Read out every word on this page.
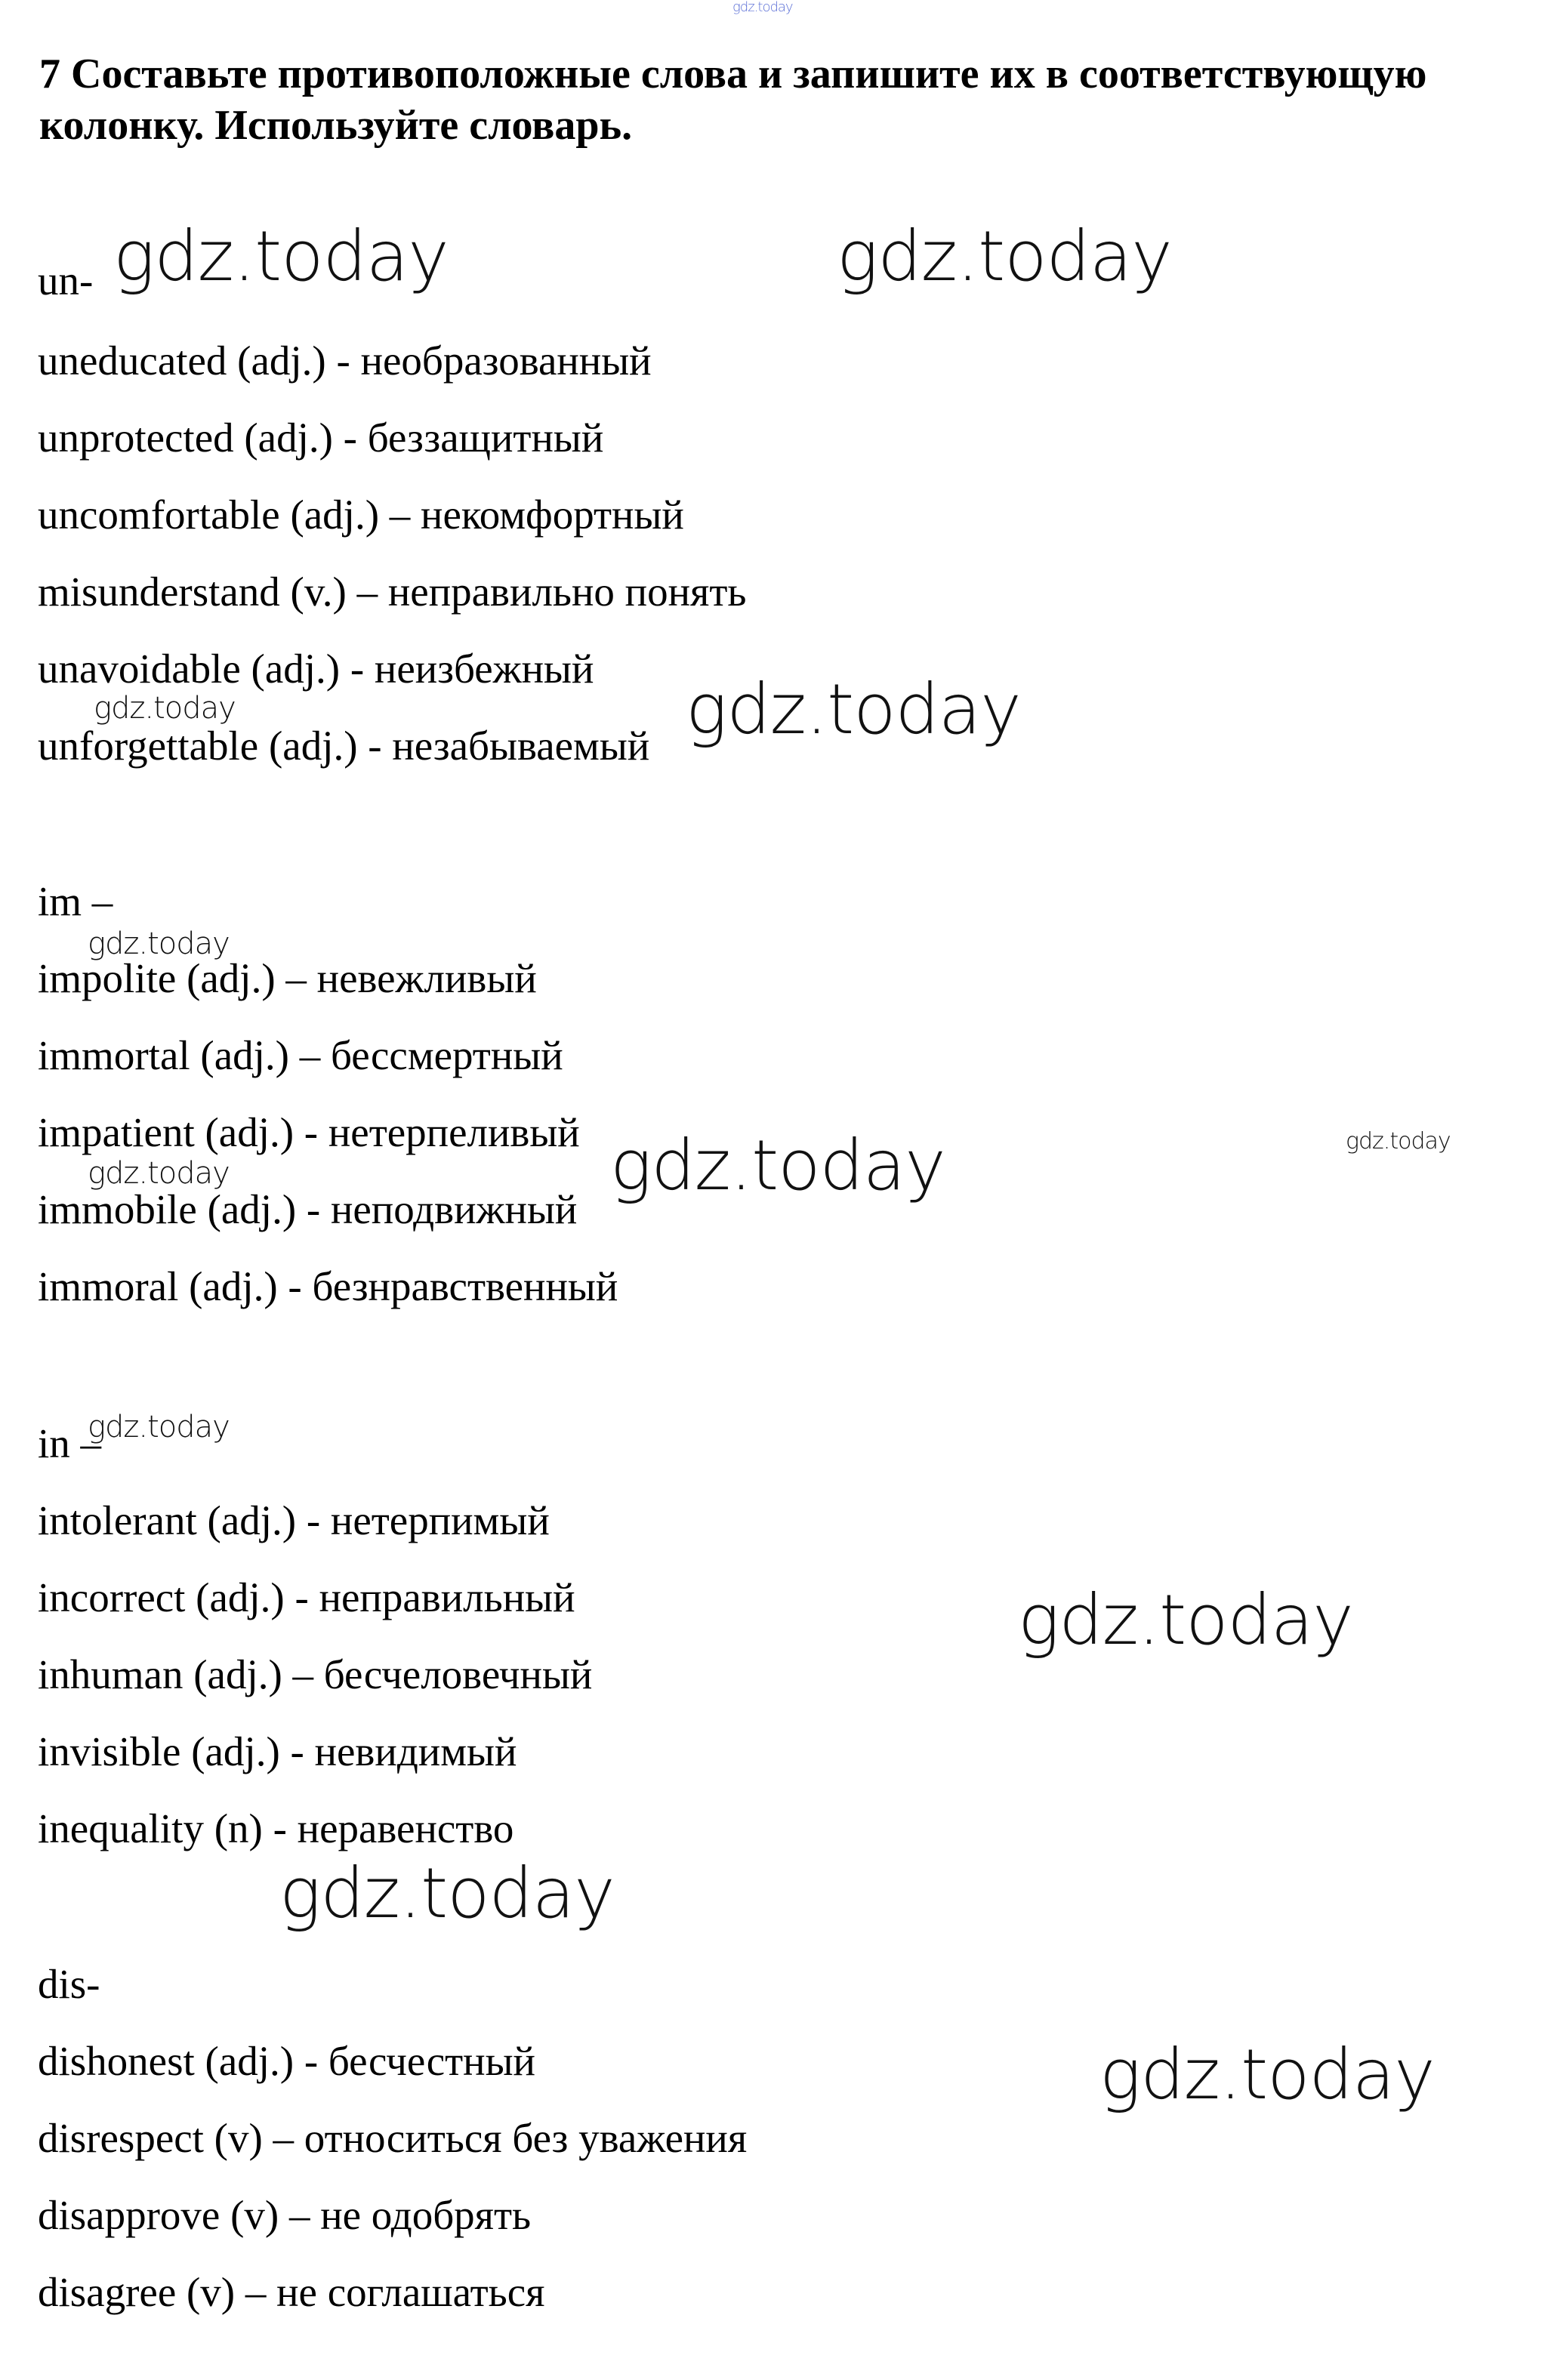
gdz.today
7 Составьте противоположные слова и запишите их в соответствующую колонку. Используйте словарь.
un-
uneducated (adj.) - необразованный
unprotected (adj.) - беззащитный
uncomfortable (adj.) – некомфортный
misunderstand (v.) – неправильно понять
unavoidable (adj.) - неизбежный
unforgettable (adj.) - незабываемый
im –
impolite (adj.) – невежливый
immortal (adj.) – бессмертный
impatient (adj.) - нетерпеливый
immobile (adj.) - неподвижный
immoral (adj.) - безнравственный
in –
intolerant (adj.) - нетерпимый
incorrect (adj.) - неправильный
inhuman (adj.) – бесчеловечный
invisible (adj.) - невидимый
inequality (n) - неравенство
dis-
dishonest (adj.) - бесчестный
disrespect (v) – относиться без уважения
disapprove (v) – не одобрять
disagree (v) – не соглашаться
gdz.today	gdz.today
gdz.today
gdz.today
gdz.today
gdz.today
gdz.today
gdz.today
gdz.today
gdz.today
gdz.today
gdz.today
